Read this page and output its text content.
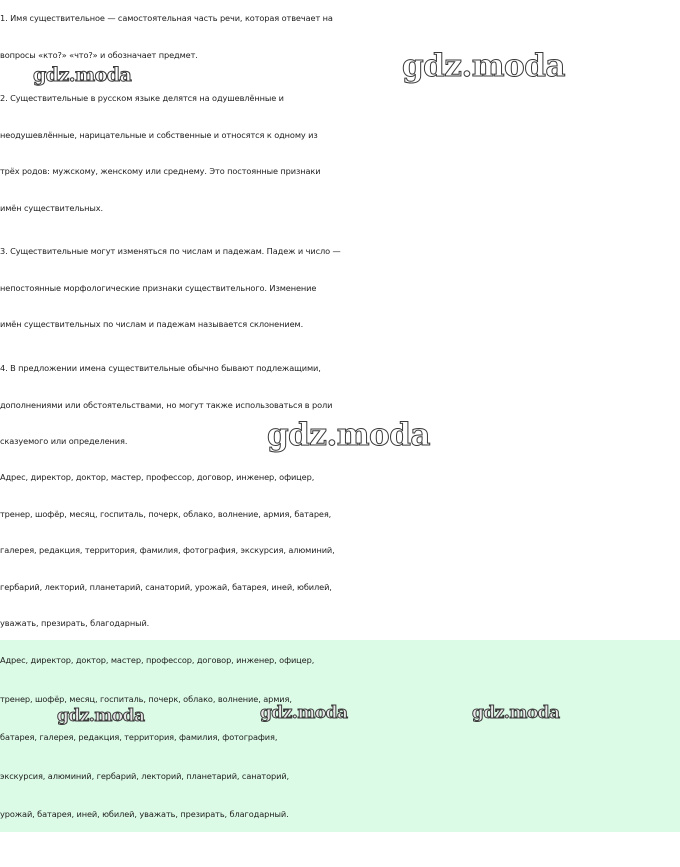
1. Имя существительное — самостоятельная часть речи, которая отвечает на
вопросы «кто?» «что?» и обозначает предмет.
2. Существительные в русском языке делятся на одушевлённые и
неодушевлённые, нарицательные и собственные и относятся к одному из
трёх родов: мужскому, женскому или среднему. Это постоянные признаки
имён существительных.
3. Существительные могут изменяться по числам и падежам. Падеж и число —
непостоянные морфологические признаки существительного. Изменение
имён существительных по числам и падежам называется склонением.
4. В предложении имена существительные обычно бывают подлежащими,
дополнениями или обстоятельствами, но могут также использоваться в роли
сказуемого или определения.
Адрес, директор, доктор, мастер, профессор, договор, инженер, офицер,
тренер, шофёр, месяц, госпиталь, почерк, облако, волнение, армия, батарея,
галерея, редакция, территория, фамилия, фотография, экскурсия, алюминий,
гербарий, лекторий, планетарий, санаторий, урожай, батарея, иней, юбилей,
уважать, презирать, благодарный.
Адрес, директор, доктор, мастер, профессор, договор, инженер, офицер,
тренер, шофёр, месяц, госпиталь, почерк, облако, волнение, армия,
батарея, галерея, редакция, территория, фамилия, фотография,
экскурсия, алюминий, гербарий, лекторий, планетарий, санаторий,
урожай, батарея, иней, юбилей, уважать, презирать, благодарный.
gdz.moda	gdz.moda
gdz.moda
gdz.moda	gdz.moda	gdz.moda
